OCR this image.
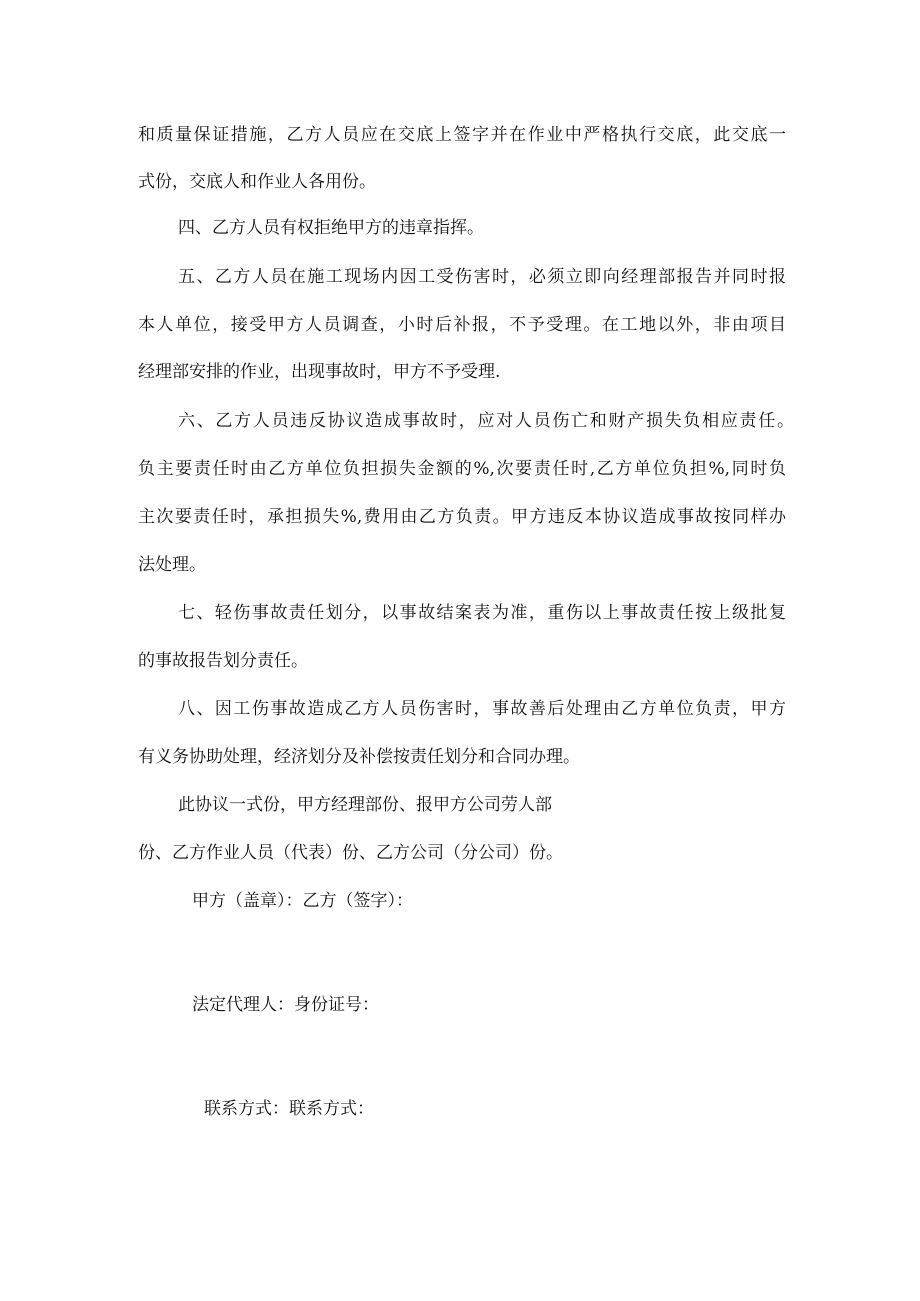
和质量保证措施，乙方人员应在交底上签字并在作业中严格执行交底，此交底一
式份，交底人和作业人各用份。
四、乙方人员有权拒绝甲方的违章指挥。
五、乙方人员在施工现场内因工受伤害时，必须立即向经理部报告并同时报
本人单位，接受甲方人员调查，小时后补报，不予受理。在工地以外，非由项目
经理部安排的作业，出现事故时，甲方不予受理.
六、乙方人员违反协议造成事故时，应对人员伤亡和财产损失负相应责任。
负主要责任时由乙方单位负担损失金额的%,次要责任时,乙方单位负担%,同时负
主次要责任时，承担损失%,费用由乙方负责。甲方违反本协议造成事故按同样办
法处理。
七、轻伤事故责任划分，以事故结案表为准，重伤以上事故责任按上级批复
的事故报告划分责任。
八、因工伤事故造成乙方人员伤害时，事故善后处理由乙方单位负责，甲方
有义务协助处理，经济划分及补偿按责任划分和合同办理。
此协议一式份，甲方经理部份、报甲方公司劳人部
份、乙方作业人员（代表）份、乙方公司（分公司）份。
甲方（盖章）：乙方（签字）：
法定代理人：身份证号：
联系方式：联系方式：
